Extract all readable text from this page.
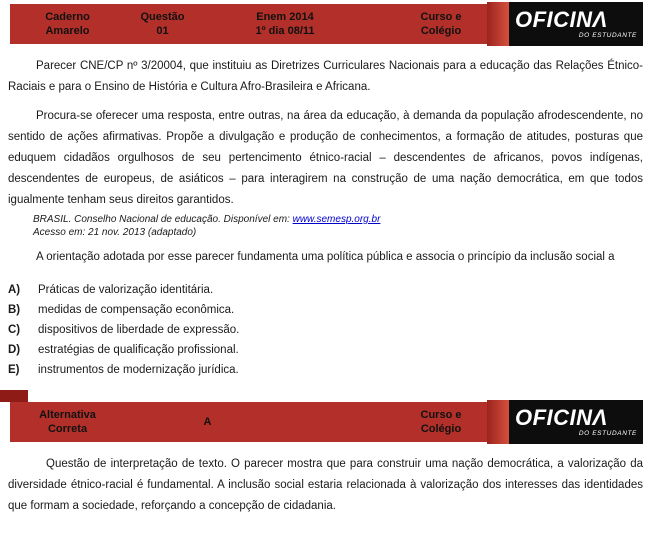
Caderno
Amarelo
Questão
01
Enem 2014
1º dia 08/11
Curso e
Colégio OFICINΛ
DO ESTUDANTE

Parecer CNE/CP nº 3/20004, que instituiu as Diretrizes Curriculares Nacionais para a educação das Relações Étnico- Raciais e para o Ensino de História e Cultura Afro-Brasileira e Africana.

Procura-se oferecer uma resposta, entre outras, na área da educação, à demanda da população afrodescendente, no sentido de ações afirmativas. Propõe a divulgação e produção de conhecimentos, a formação de atitudes, posturas que eduquem cidadãos orgulhosos de seu pertencimento étnico-racial – descendentes de africanos, povos indígenas, descendentes de europeus, de asiáticos – para interagirem na construção de uma nação democrática, em que todos igualmente tenham seus direitos garantidos.

BRASIL. Conselho Nacional de educação. Disponível em: www.semesp.org.br
Acesso em: 21 nov. 2013 (adaptado)

A orientação adotada por esse parecer fundamenta uma política pública e associa o princípio da inclusão social a

A)	Práticas de valorização identitária.
B)	medidas de compensação econômica.
C)	dispositivos de liberdade de expressão.
D)	estratégias de qualificação profissional.
E)	instrumentos de modernização jurídica.
Alternativa
Correta
A
Curso e
Colégio OFICINΛ
DO ESTUDANTE

Questão de interpretação de texto. O parecer mostra que para construir uma nação democrática, a valorização da diversidade étnico-racial é fundamental. A inclusão social estaria relacionada à valorização dos interesses das identidades que formam a sociedade, reforçando a concepção de cidadania.
